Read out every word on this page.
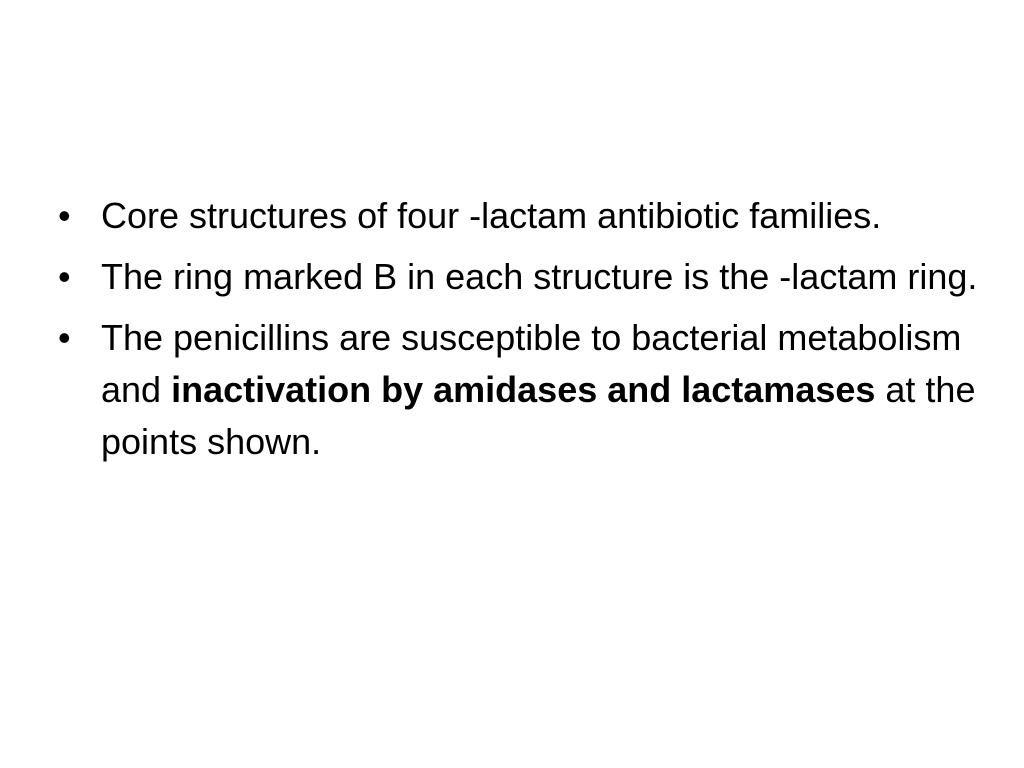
• Core structures of four -lactam antibiotic families.
• The ring marked B in each structure is the -lactam ring.
• The penicillins are susceptible to bacterial metabolism and inactivation by amidases and lactamases at the points shown.
